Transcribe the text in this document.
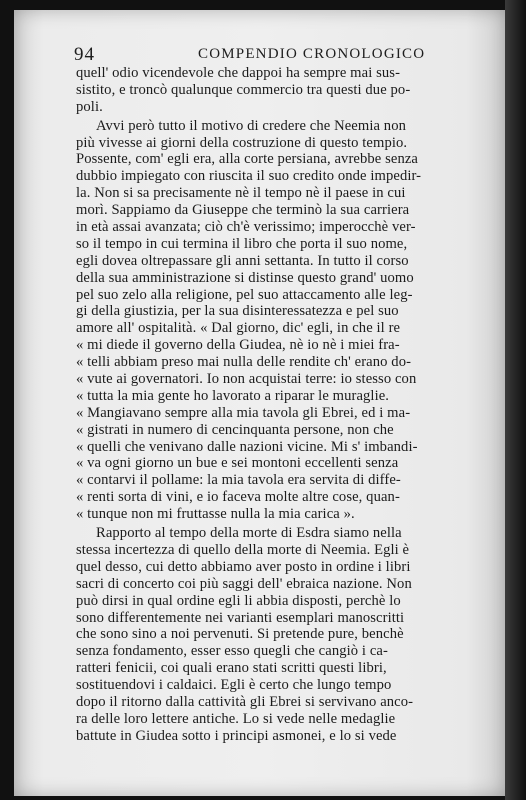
94	COMPENDIO CRONOLOGICO
quell' odio vicendevole che dappoi ha sempre mai sus-
sistito, e troncò qualunque commercio tra questi due po-
poli.
Avvi però tutto il motivo di credere che Neemia non
più vivesse ai giorni della costruzione di questo tempio.
Possente, com' egli era, alla corte persiana, avrebbe senza
dubbio impiegato con riuscita il suo credito onde impedir-
la. Non si sa precisamente nè il tempo nè il paese in cui
morì. Sappiamo da Giuseppe che terminò la sua carriera
in età assai avanzata; ciò ch'è verissimo; imperocchè ver-
so il tempo in cui termina il libro che porta il suo nome,
egli dovea oltrepassare gli anni settanta. In tutto il corso
della sua amministrazione si distinse questo grand' uomo
pel suo zelo alla religione, pel suo attaccamento alle leg-
gi della giustizia, per la sua disinteressatezza e pel suo
amore all' ospitalità. « Dal giorno, dic' egli, in che il re
« mi diede il governo della Giudea, nè io nè i miei fra-
« telli abbiam preso mai nulla delle rendite ch' erano do-
« vute ai governatori. Io non acquistai terre: io stesso con
« tutta la mia gente ho lavorato a riparar le muraglie.
« Mangiavano sempre alla mia tavola gli Ebrei, ed i ma-
« gistrati in numero di cencinquanta persone, non che
« quelli che venivano dalle nazioni vicine. Mi s' imbandi-
« va ogni giorno un bue e sei montoni eccellenti senza
« contarvi il pollame: la mia tavola era servita di diffe-
« renti sorta di vini, e io faceva molte altre cose, quan-
« tunque non mi fruttasse nulla la mia carica ».
Rapporto al tempo della morte di Esdra siamo nella
stessa incertezza di quello della morte di Neemia. Egli è
quel desso, cui detto abbiamo aver posto in ordine i libri
sacri di concerto coi più saggi dell' ebraica nazione. Non
può dirsi in qual ordine egli li abbia disposti, perchè lo
sono differentemente nei varianti esemplari manoscritti
che sono sino a noi pervenuti. Si pretende pure, benchè
senza fondamento, esser esso quegli che cangiò i ca-
ratteri fenicii, coi quali erano stati scritti questi libri,
sostituendovi i caldaici. Egli è certo che lungo tempo
dopo il ritorno dalla cattività gli Ebrei si servivano anco-
ra delle loro lettere antiche. Lo si vede nelle medaglie
battute in Giudea sotto i principi asmonei, e lo si vede
